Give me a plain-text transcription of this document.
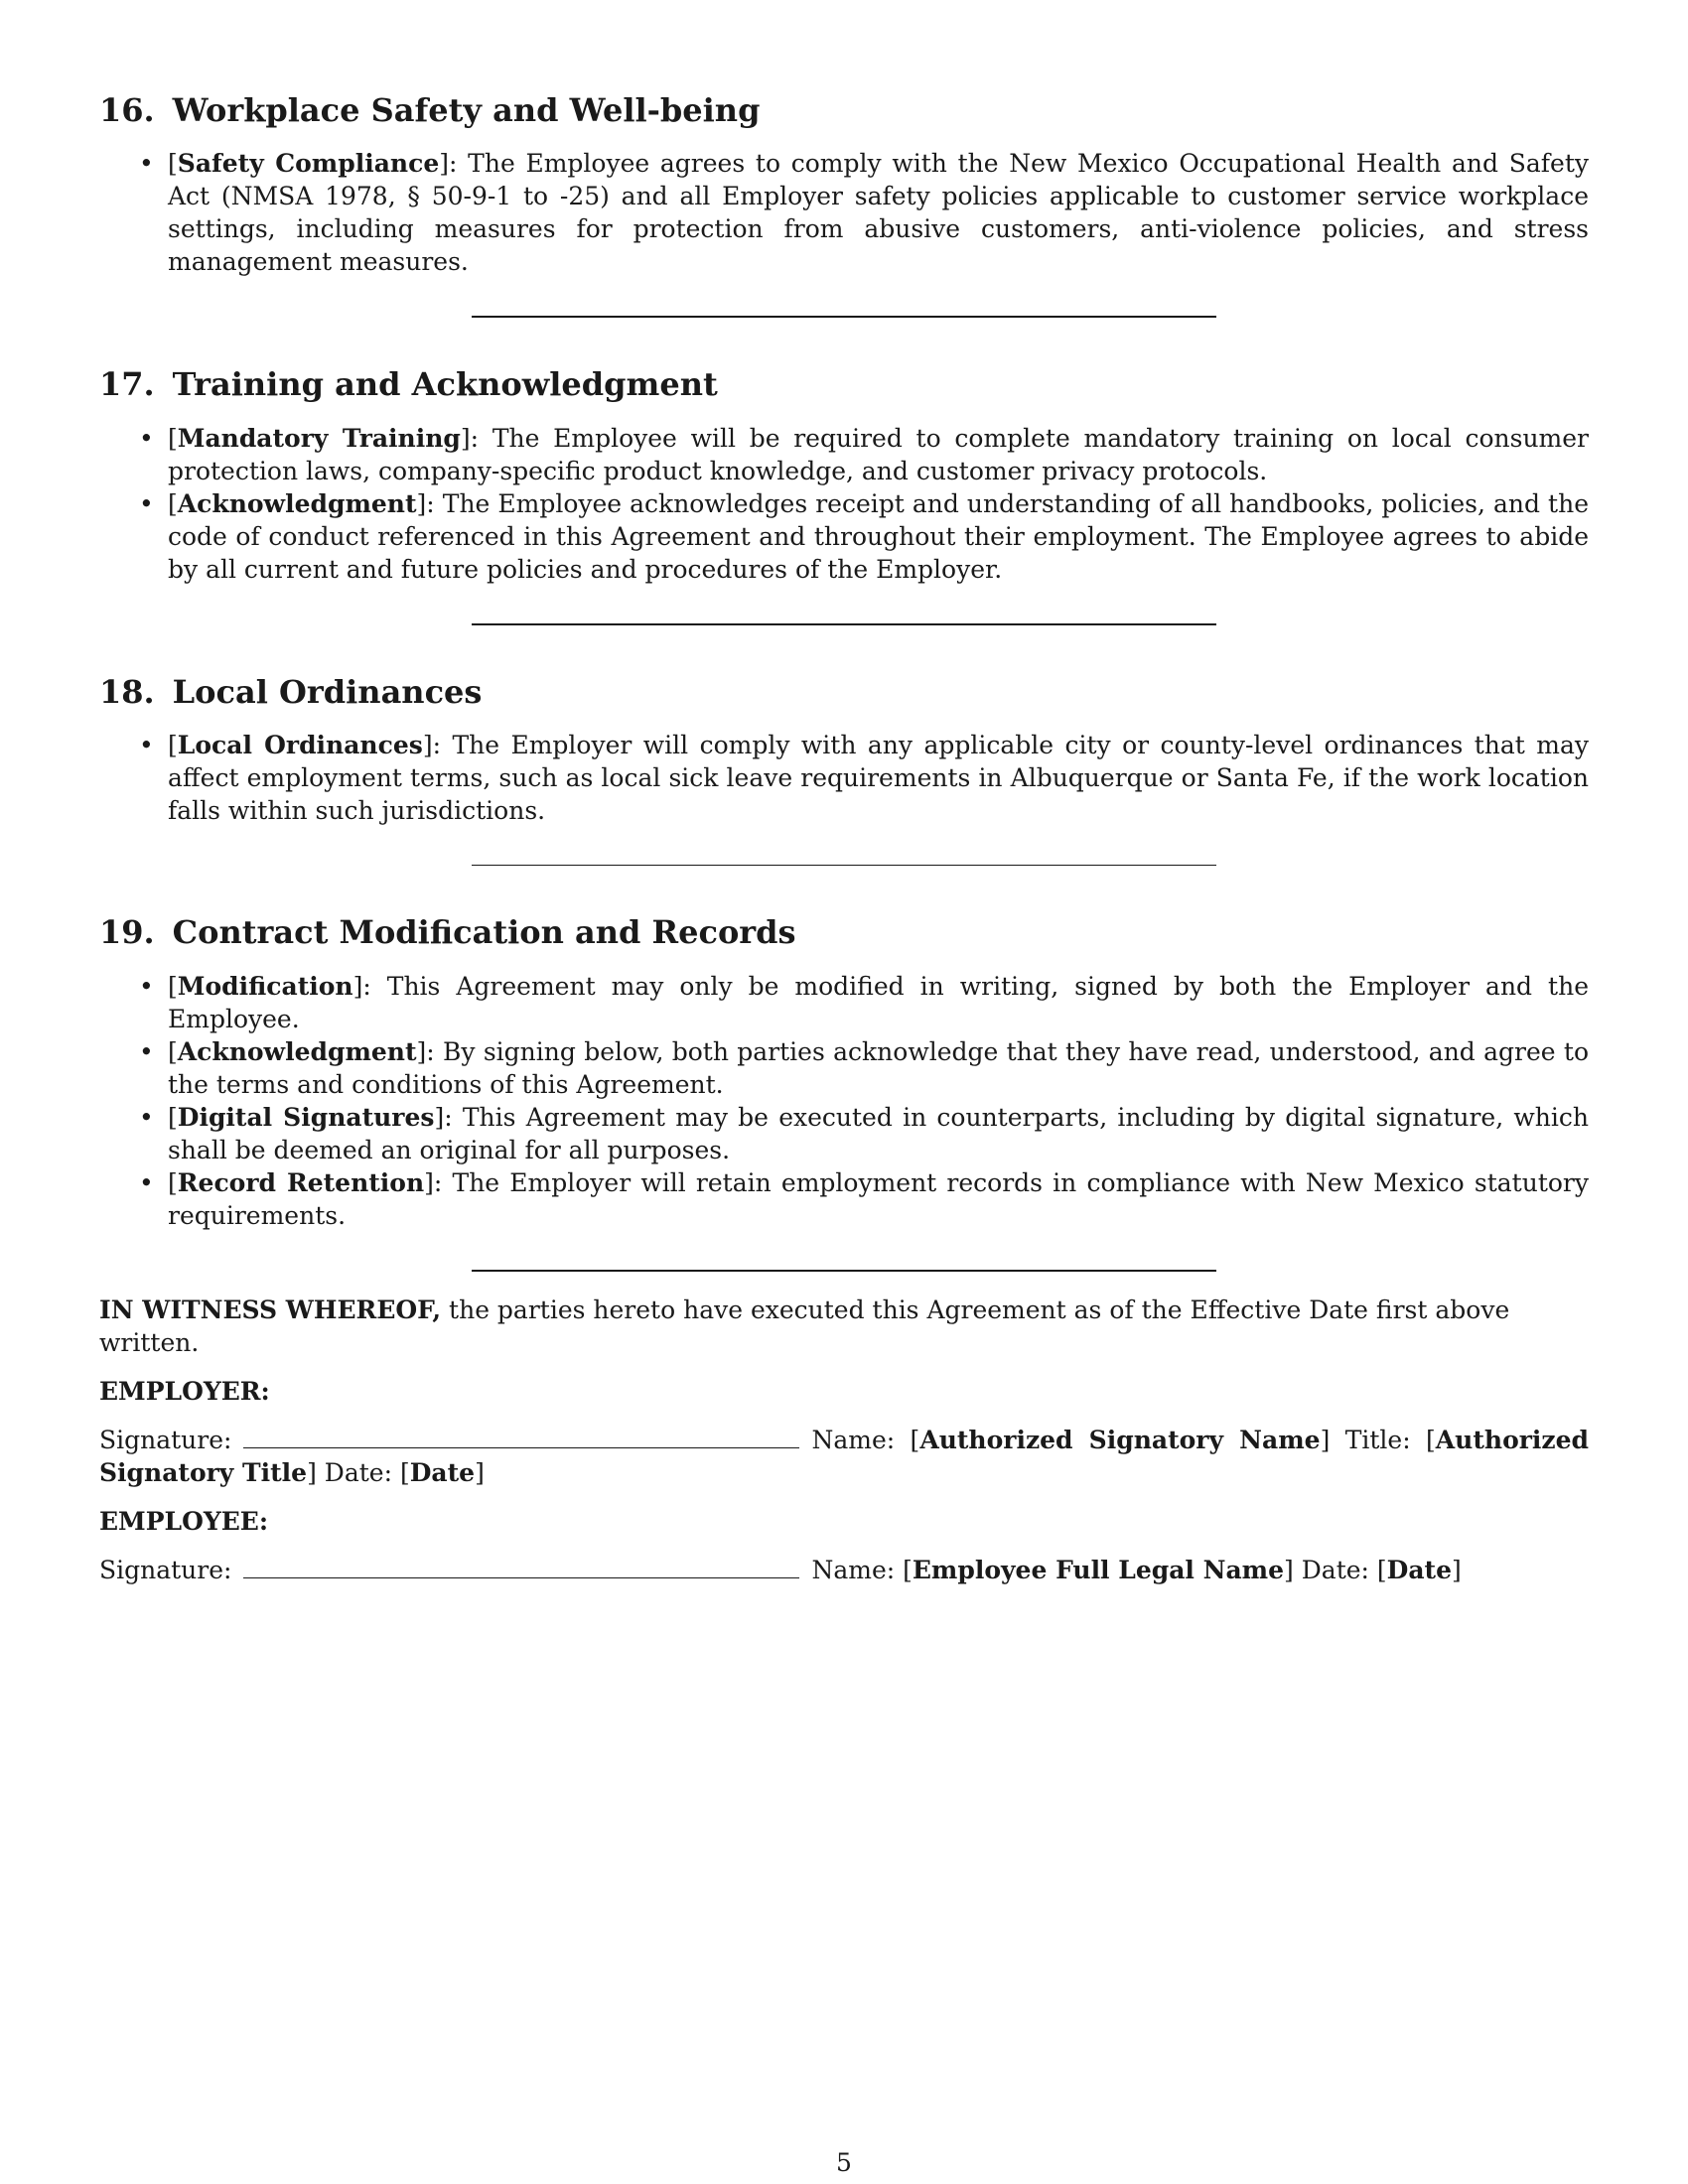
16. Workplace Safety and Well-being
• [Safety Compliance]: The Employee agrees to comply with the New Mexico Occupational Health and Safety Act (NMSA 1978, § 50-9-1 to -25) and all Employer safety policies applicable to customer service workplace settings, including measures for protection from abusive customers, anti-violence policies, and stress management measures.
17. Training and Acknowledgment
• [Mandatory Training]: The Employee will be required to complete mandatory training on local consumer protection laws, company-specific product knowledge, and customer privacy protocols.
• [Acknowledgment]: The Employee acknowledges receipt and understanding of all handbooks, policies, and the code of conduct referenced in this Agreement and throughout their employment. The Employee agrees to abide by all current and future policies and procedures of the Employer.
18. Local Ordinances
• [Local Ordinances]: The Employer will comply with any applicable city or county-level ordinances that may affect employment terms, such as local sick leave requirements in Albuquerque or Santa Fe, if the work location falls within such jurisdictions.
19. Contract Modification and Records
• [Modification]: This Agreement may only be modified in writing, signed by both the Employer and the Employee.
• [Acknowledgment]: By signing below, both parties acknowledge that they have read, understood, and agree to the terms and conditions of this Agreement.
• [Digital Signatures]: This Agreement may be executed in counterparts, including by digital signature, which shall be deemed an original for all purposes.
• [Record Retention]: The Employer will retain employment records in compliance with New Mexico statutory requirements.
IN WITNESS WHEREOF, the parties hereto have executed this Agreement as of the Effective Date first above written.
EMPLOYER:
Signature:	Name: [Authorized Signatory Name] Title: [Authorized Signatory Title] Date: [Date]
EMPLOYEE:
Signature:	Name: [Employee Full Legal Name] Date: [Date]
5
